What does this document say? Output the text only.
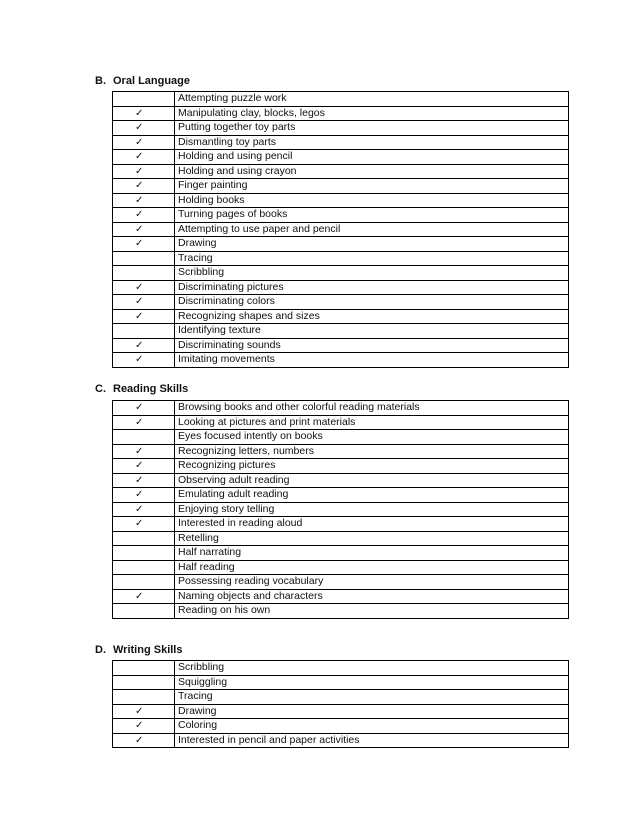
B. Oral Language
	Attempting puzzle work
✓	Manipulating clay, blocks, legos
✓	Putting together toy parts
✓	Dismantling toy parts
✓	Holding and using pencil
✓	Holding and using crayon
✓	Finger painting
✓	Holding books
✓	Turning pages of books
✓	Attempting to use paper and pencil
✓	Drawing
	Tracing
	Scribbling
✓	Discriminating pictures
✓	Discriminating colors
✓	Recognizing shapes and sizes
	Identifying texture
✓	Discriminating sounds
✓	Imitating movements
C. Reading Skills
✓	Browsing books and other colorful reading materials
✓	Looking at pictures and print materials
	Eyes focused intently on books
✓	Recognizing letters, numbers
✓	Recognizing pictures
✓	Observing adult reading
✓	Emulating adult reading
✓	Enjoying story telling
✓	Interested in reading aloud
	Retelling
	Half narrating
	Half reading
	Possessing reading vocabulary
✓	Naming objects and characters
	Reading on his own
D. Writing Skills
	Scribbling
	Squiggling
	Tracing
✓	Drawing
✓	Coloring
✓	Interested in pencil and paper activities
